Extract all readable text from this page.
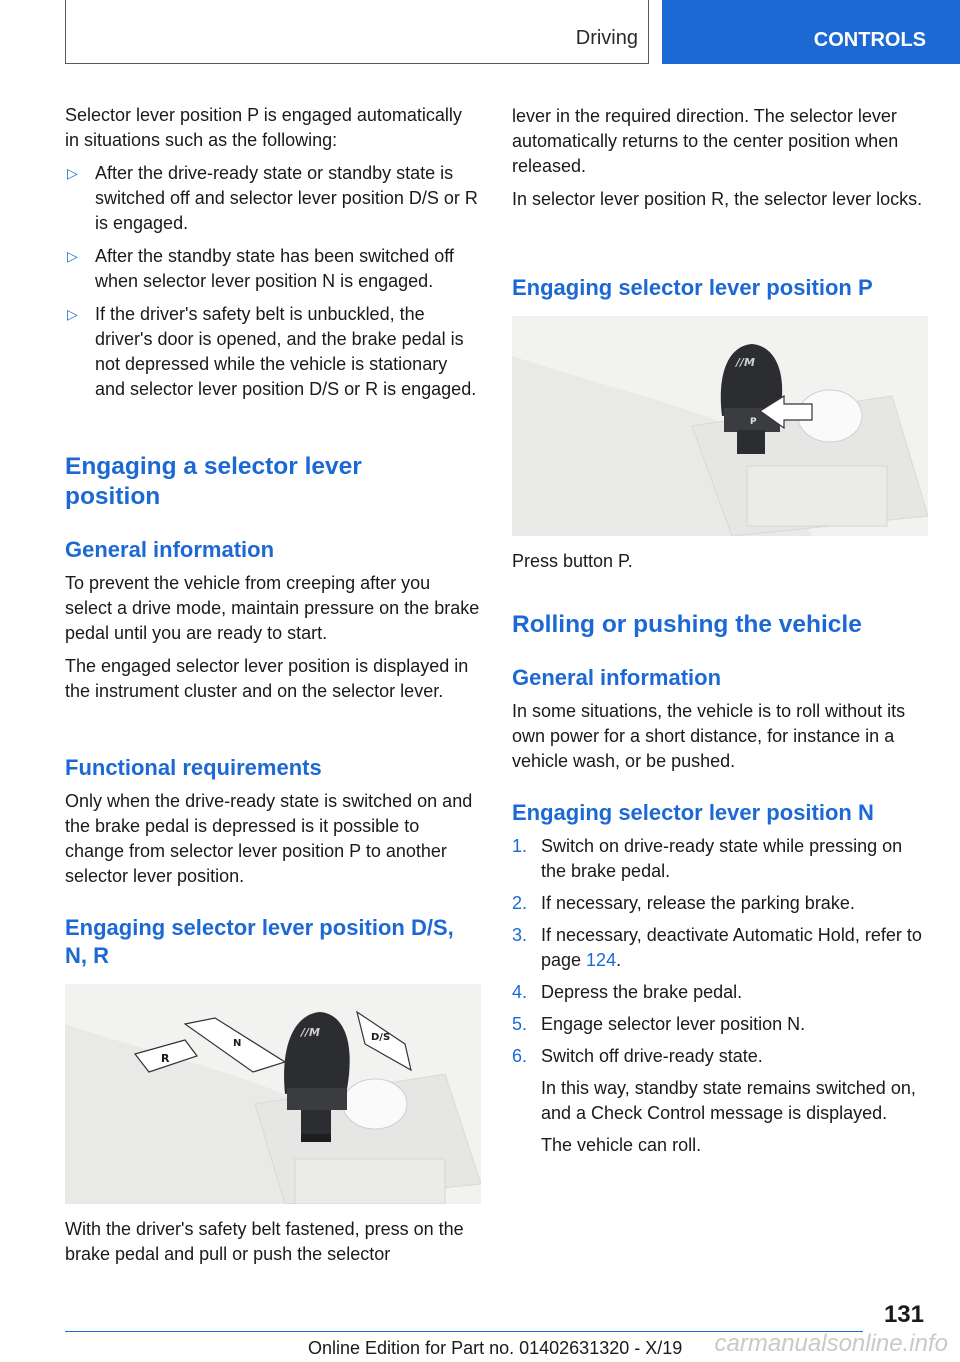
Driving	CONTROLS

Selector lever position P is engaged automatically in situations such as the following:

▷ After the drive-ready state or standby state is switched off and selector lever position D/S or R is engaged.

▷ After the standby state has been switched off when selector lever position N is engaged.

▷ If the driver's safety belt is unbuckled, the driver's door is opened, and the brake pedal is not depressed while the vehicle is stationary and selector lever position D/S or R is engaged.

Engaging a selector lever position
General information

To prevent the vehicle from creeping after you select a drive mode, maintain pressure on the brake pedal until you are ready to start.

The engaged selector lever position is displayed in the instrument cluster and on the selector lever.

Functional requirements

Only when the drive-ready state is switched on and the brake pedal is depressed is it possible to change from selector lever position P to another selector lever position.

Engaging selector lever position D/S, N, R
//M
R
N
D/S

With the driver's safety belt fastened, press on the brake pedal and pull or push the selector

lever in the required direction. The selector lever automatically returns to the center position when released.

In selector lever position R, the selector lever locks.

Engaging selector lever position P
//M
P

Press button P.

Rolling or pushing the vehicle
General information

In some situations, the vehicle is to roll without its own power for a short distance, for instance in a vehicle wash, or be pushed.

Engaging selector lever position N

1. Switch on drive-ready state while pressing on the brake pedal.

2. If necessary, release the parking brake.

3. If necessary, deactivate Automatic Hold, refer to page 124.

4. Depress the brake pedal.

5. Engage selector lever position N.

6. Switch off drive-ready state.

In this way, standby state remains switched on, and a Check Control message is displayed.

The vehicle can roll.

131
Online Edition for Part no. 01402631320 - X/19 carmanualsonline.info
